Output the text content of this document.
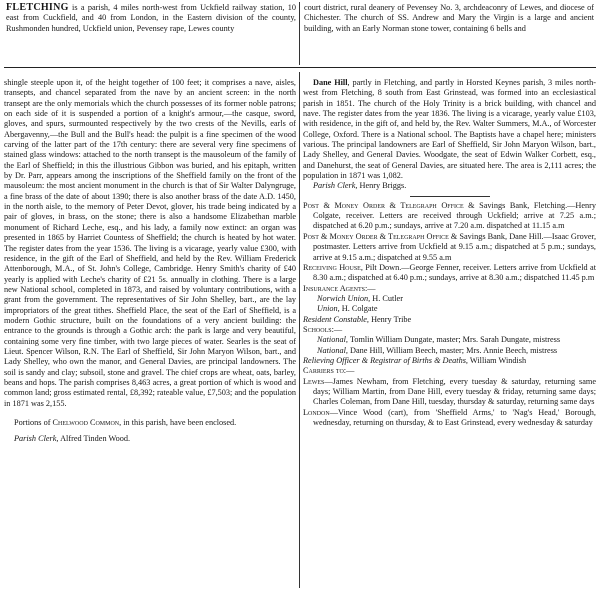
FLETCHING is a parish, 4 miles north-west from Uckfield railway station, 10 east from Cuckfield, and 40 from London, in the Eastern division of the county, Rushmonden hundred, Uckfield union, Pevensey rape, Lewes county

court district, rural deanery of Pevensey No. 3, archdeaconry of Lewes, and diocese of Chichester. The church of SS. Andrew and Mary the Virgin is a large and ancient building, with an Early Norman stone tower, containing 6 bells and

shingle steeple upon it, of the height together of 100 feet; it comprises a nave, aisles, transepts, and chancel separated from the nave by an ancient screen: in the north transept are the only memorials which the church possesses of its former noble patrons; on each side of it is suspended a portion of a knight's armour,—the casque, sword, gloves, and spurs, surmounted respectively by the two crests of the Nevills, earls of Abergavenny,—the Bull and the Bull's head: the pulpit is a fine specimen of the wood carving of the latter part of the 17th century: there are several very fine specimens of stained glass windows: attached to the north transept is the mausoleum of the family of the Earl of Sheffield; in this the illustrious Gibbon was buried, and his epitaph, written by Dr. Parr, appears among the inscriptions of the Sheffield family on the front of the mausoleum: the most ancient monument in the church is that of Sir Walter Dalyngruge, a fine brass of the date of about 1390; there is also another brass of the date A.D. 1450, in the north aisle, to the memory of Peter Devot, glover, his trade being indicated by a pair of gloves, in brass, on the stone; there is also a handsome Elizabethan marble monument of Richard Leche, esq., and his lady, a family now extinct: an organ was presented in 1865 by Harriet Countess of Sheffield; the church is heated by hot water. The register dates from the year 1536. The living is a vicarage, yearly value £300, with residence, in the gift of the Earl of Sheffield, and held by the Rev. William Frederick Attenborough, M.A., of St. John's College, Cambridge. Henry Smith's charity of £40 yearly is applied with Leche's charity of £21 5s. annually in clothing. There is a large new National school, completed in 1873, and raised by voluntary contributions, with a grant from the government. The representatives of Sir John Shelley, bart., are the lay impropriators of the great tithes. Sheffield Place, the seat of the Earl of Sheffield, is a modern Gothic structure, built on the foundations of a very ancient building: the entrance to the grounds is through a Gothic arch: the park is large and very beautiful, containing some very fine timber, with two large pieces of water. Searles is the seat of Lieut. Spencer Wilson, R.N. The Earl of Sheffield, Sir John Maryon Wilson, bart., and Lady Shelley, who own the manor, and General Davies, are principal landowners. The soil is sandy and clay; subsoil, stone and gravel. The chief crops are wheat, oats, barley, beans and hops. The parish comprises 8,463 acres, a great portion of which is wood and common land; gross estimated rental, £8,392; rateable value, £7,503; and the population in 1871 was 2,155.

Portions of Chelwood Common, in this parish, have been enclosed.

Parish Clerk, Alfred Tinden Wood.

Dane Hill, partly in Fletching, and partly in Horsted Keynes parish, 3 miles north-west from Fletching, 8 south from East Grinstead, was formed into an ecclesiastical parish in 1851. The church of the Holy Trinity is a brick building, with chancel and nave. The register dates from the year 1836. The living is a vicarage, yearly value £103, with residence, in the gift of, and held by, the Rev. Walter Summers, M.A., of Worcester College, Oxford. There is a National school. The Baptists have a chapel here; ministers various. The principal landowners are Earl of Sheffield, Sir John Maryon Wilson, bart., Lady Shelley, and General Davies. Woodgate, the seat of Edwin Walker Corbett, esq., and Danehurst, the seat of General Davies, are situated here. The area is 2,111 acres; the population in 1871 was 1,082.

Parish Clerk, Henry Briggs.

Post & Money Order & Telegraph Office & Savings Bank, Fletching.—Henry Colgate, receiver. Letters are received through Uckfield; arrive at 7.25 a.m.; dispatched at 6.20 p.m.; sundays, arrive at 7.20 a.m. dispatched at 11.15 a.m

Post & Money Order & Telegraph Office & Savings Bank, Dane Hill.—Isaac Grover, postmaster. Letters arrive from Uckfield at 9.15 a.m.; dispatched at 5 p.m.; sundays, arrive at 9.15 a.m.; dispatched at 9.55 a.m

Receiving House, Pilt Down.—George Fenner, receiver. Letters arrive from Uckfield at 8.30 a.m.; dispatched at 6.40 p.m.; sundays, arrive at 8.30 a.m.; dispatched 11.45 p.m

Insurance Agents:—

Norwich Union, H. Cutler

Union, H. Colgate

Resident Constable, Henry Tribe

Schools:—

National, Tomlin William Dungate, master; Mrs. Sarah Dungate, mistress

National, Dane Hill, William Beech, master; Mrs. Annie Beech, mistress

Relieving Officer & Registrar of Births & Deaths, William Windish

Carriers to:—

Lewes—James Newham, from Fletching, every tuesday & saturday, returning same days; William Martin, from Dane Hill, every tuesday & friday, returning same days; Charles Coleman, from Dane Hill, tuesday, thursday & saturday, returning same days

London—Vince Wood (cart), from 'Sheffield Arms,' to 'Nag's Head,' Borough, wednesday, returning on thursday, & to East Grinstead, every wednesday & saturday
